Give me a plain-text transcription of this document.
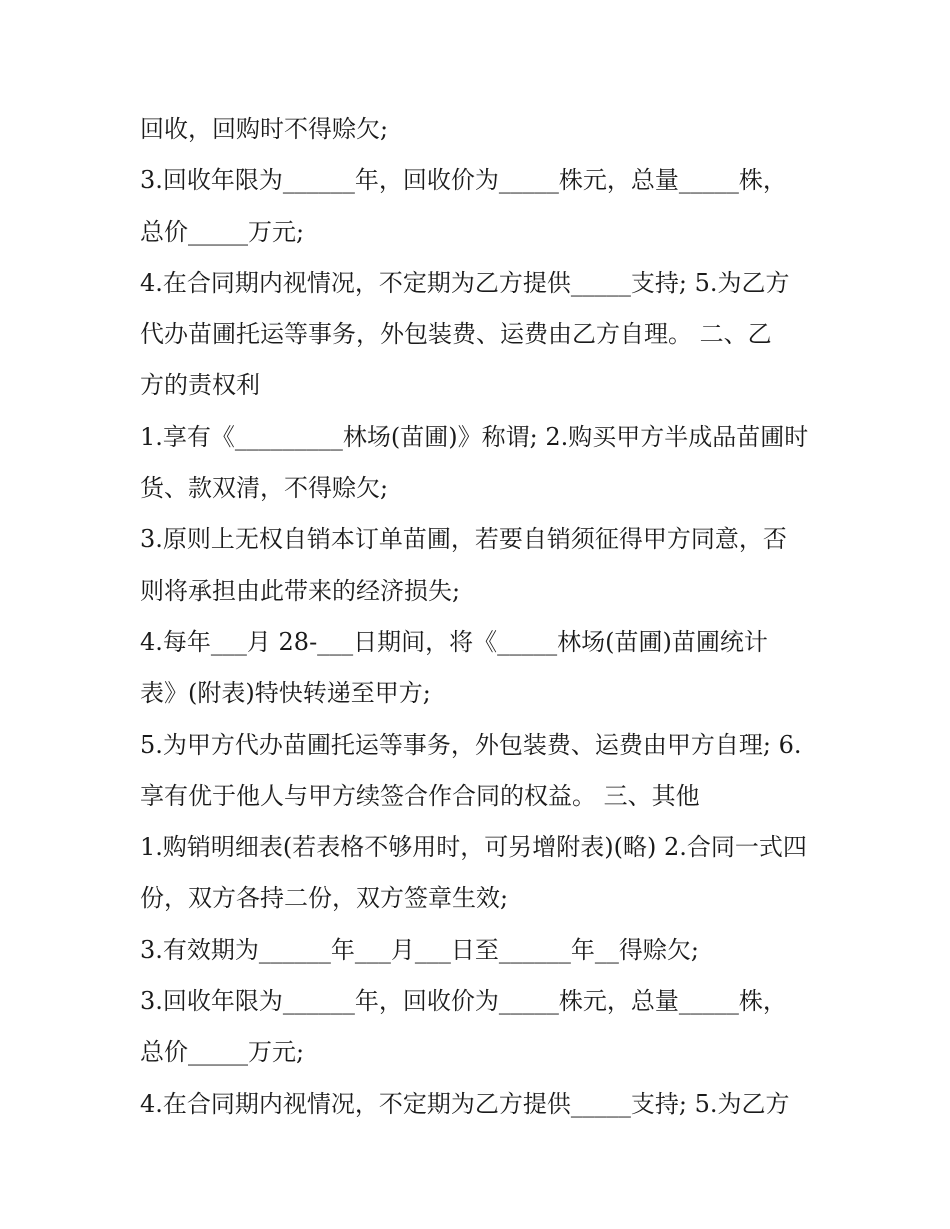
回收，回购时不得赊欠;
3.回收年限为______年，回收价为_____株元，总量_____株，
总价_____万元;
4.在合同期内视情况，不定期为乙方提供_____支持; 5.为乙方
代办苗圃托运等事务，外包装费、运费由乙方自理。 二、乙
方的责权利
1.享有《_________林场(苗圃)》称谓; 2.购买甲方半成品苗圃时
货、款双清，不得赊欠;
3.原则上无权自销本订单苗圃，若要自销须征得甲方同意，否
则将承担由此带来的经济损失;
4.每年___月 28-___日期间，将《_____林场(苗圃)苗圃统计
表》(附表)特快转递至甲方;
5.为甲方代办苗圃托运等事务，外包装费、运费由甲方自理; 6.
享有优于他人与甲方续签合作合同的权益。 三、其他
1.购销明细表(若表格不够用时，可另增附表)(略) 2.合同一式四
份，双方各持二份，双方签章生效;
3.有效期为______年___月___日至______年__得赊欠;
3.回收年限为______年，回收价为_____株元，总量_____株，
总价_____万元;
4.在合同期内视情况，不定期为乙方提供_____支持; 5.为乙方
